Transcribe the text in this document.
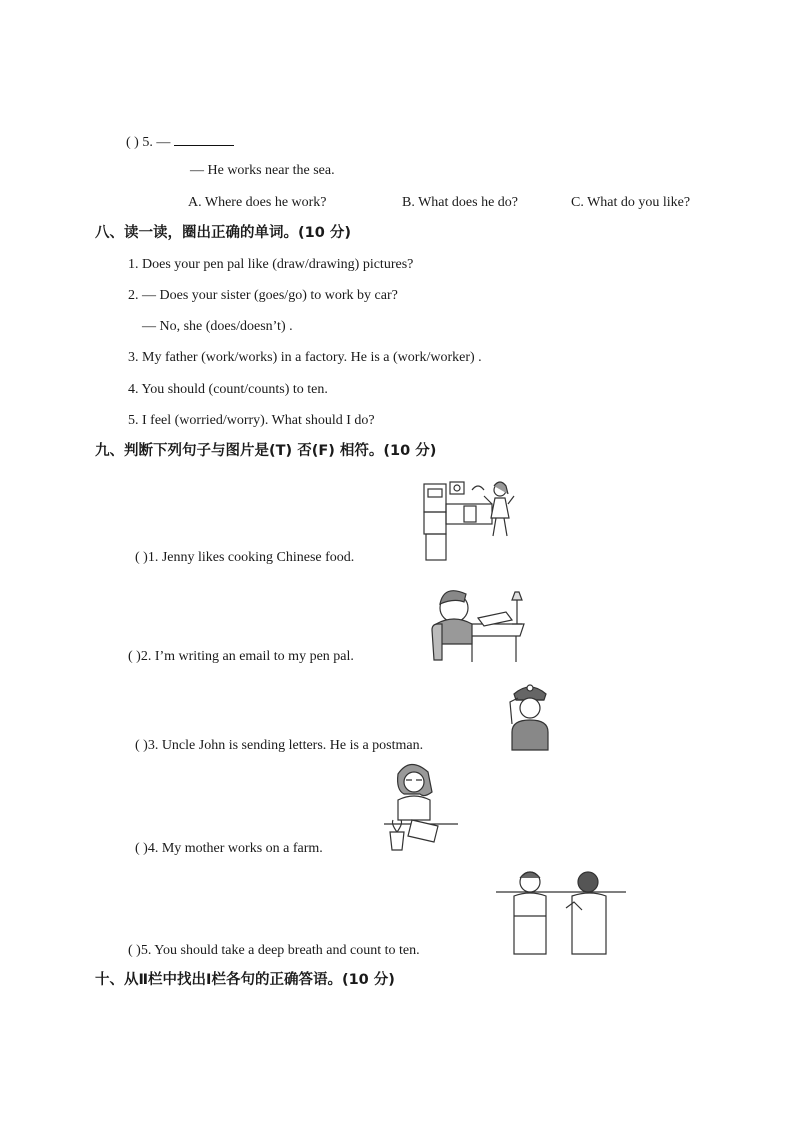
( ) 5. —
— He works near the sea.
A. Where does he work?	B. What does he do?	C. What do you like?
八、读一读，圈出正确的单词。(10 分)
1. Does your pen pal like (draw/drawing) pictures?
2. — Does your sister (goes/go) to work by car?
— No, she (does/doesn’t) .
3. My father (work/works) in a factory. He is a (work/worker) .
4. You should (count/counts) to ten.
5. I feel (worried/worry). What should I do?
九、判断下列句子与图片是(T) 否(F) 相符。(10 分)
( )1. Jenny likes cooking Chinese food.
( )2. I’m writing an email to my pen pal.
( )3. Uncle John is sending letters. He is a postman.
( )4. My mother works on a farm.
( )5. You should take a deep breath and count to ten.
十、从Ⅱ栏中找出Ⅰ栏各句的正确答语。(10 分)
